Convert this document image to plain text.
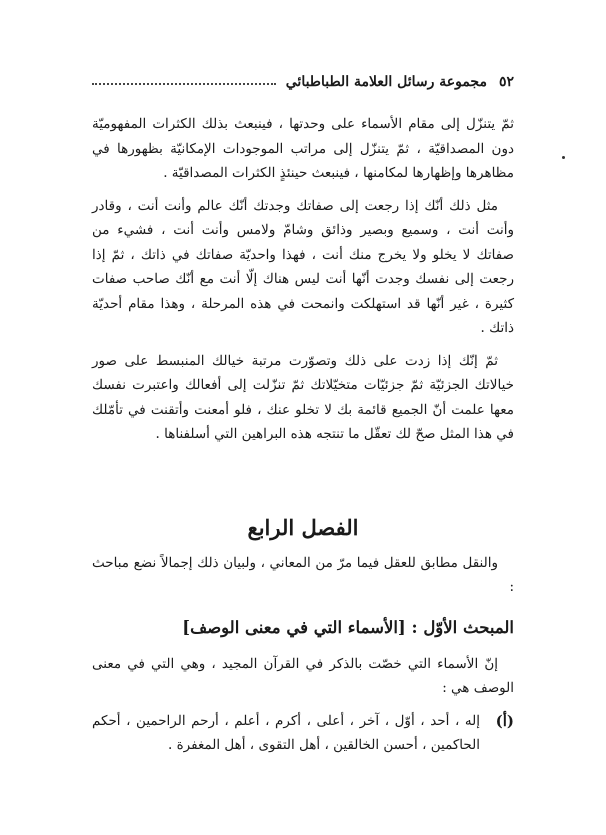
٥٢
مجموعة رسائل العلامة الطباطبائي

ثمّ يتنزّل إلى مقام الأسماء على وحدتها ، فينبعث بذلك الكثرات المفهوميّة دون المصداقيّة ، ثمّ يتنزّل إلى مراتب الموجودات الإمكانيّة بظهورها في مظاهرها وإظهارها لمكامنها ، فينبعث حينئذٍ الكثرات المصداقيّة .

مثل ذلك أنّك إذا رجعت إلى صفاتك وجدتك أنّك عالم وأنت أنت ، وقادر وأنت أنت ، وسميع وبصير وذائق وشامّ ولامس وأنت أنت ، فشيء من صفاتك لا يخلو ولا يخرج منك أنت ، فهذا واحديّة صفاتك في ذاتك ، ثمّ إذا رجعت إلى نفسك وجدت أنّها أنت ليس هناك إلّا أنت مع أنّك صاحب صفات كثيرة ، غير أنّها قد استهلكت وانمحت في هذه المرحلة ، وهذا مقام أحديّة ذاتك .

ثمّ إنّك إذا زدت على ذلك وتصوّرت مرتبة خيالك المنبسط على صور خيالاتك الجزئيّة ثمّ جزئيّات متخيّلاتك ثمّ تنزّلت إلى أفعالك واعتبرت نفسك معها علمت أنّ الجميع قائمة بك لا تخلو عنك ، فلو أمعنت وأتقنت في تأمّلك في هذا المثل صحّ لك تعقّل ما تنتجه هذه البراهين التي أسلفناها .

الفصل الرابع

والنقل مطابق للعقل فيما مرّ من المعاني ، ولبيان ذلك إجمالاً نضع مباحث :

المبحث الأوّل : [الأسماء التي في معنى الوصف]

إنّ الأسماء التي خصّت بالذكر في القرآن المجيد ، وهي التي في معنى الوصف هي :

(أ)
إله ، أحد ، أوّل ، آخر ، أعلى ، أكرم ، أعلم ، أرحم الراحمين ، أحكم الحاكمين ، أحسن الخالقين ، أهل التقوى ، أهل المغفرة .
